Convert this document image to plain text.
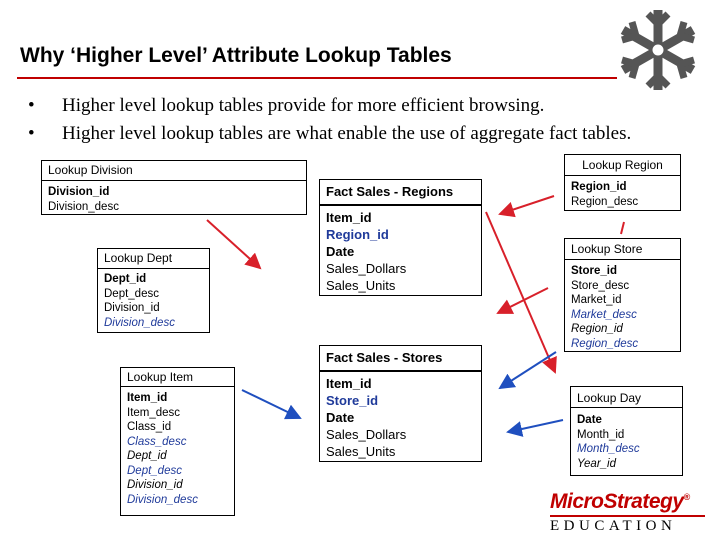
Why ‘Higher Level’ Attribute Lookup Tables
• Higher level lookup tables provide for more efficient browsing.
• Higher level lookup tables are what enable the use of aggregate fact tables.
Lookup Division
Division_id
Division_desc
Lookup Dept
Dept_id
Dept_desc
Division_id
Division_desc
Lookup Item
Item_id
Item_desc
Class_id
Class_desc
Dept_id
Dept_desc
Division_id
Division_desc
Fact Sales - Regions
Item_id
Region_id
Date
Sales_Dollars
Sales_Units
Fact Sales - Stores
Item_id
Store_id
Date
Sales_Dollars
Sales_Units
Lookup Region
Region_id
Region_desc
Lookup Store
Store_id
Store_desc
Market_id
Market_desc
Region_id
Region_desc
Lookup Day
Date
Month_id
Month_desc
Year_id
MicroStrategy®
EDUCATION
